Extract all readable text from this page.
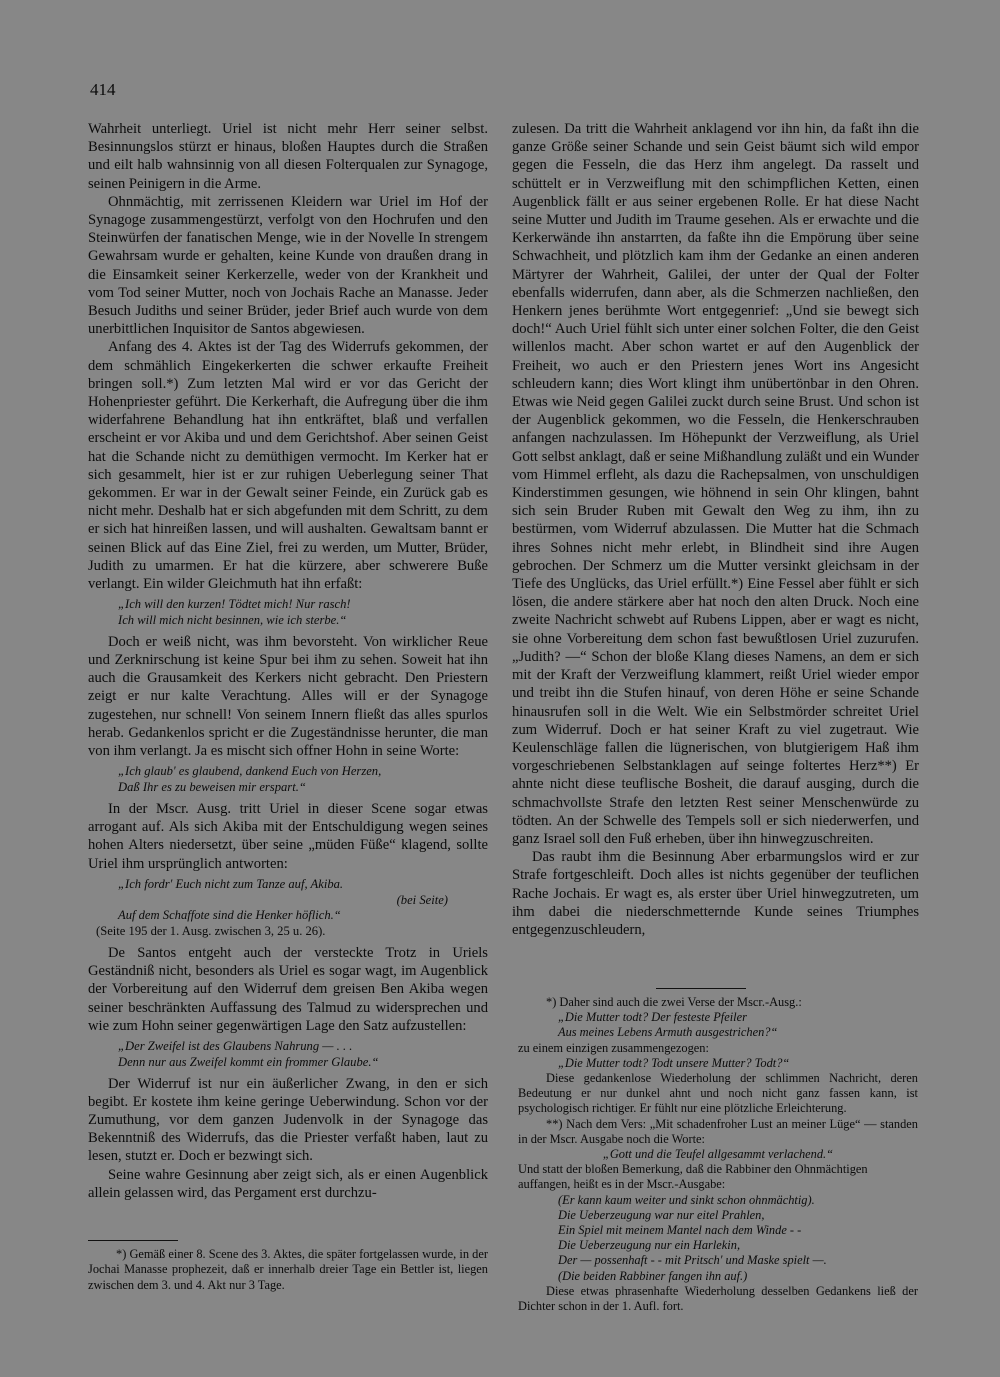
414

Wahrheit unterliegt. Uriel ist nicht mehr Herr seiner selbst. Besinnungslos stürzt er hinaus, bloßen Hauptes durch die Straßen und eilt halb wahnsinnig von all diesen Folterqualen zur Synagoge, seinen Peinigern in die Arme.

Ohnmächtig, mit zerrissenen Kleidern war Uriel im Hof der Synagoge zusammengestürzt, verfolgt von den Hochrufen und den Steinwürfen der fanatischen Menge, wie in der Novelle In strengem Gewahrsam wurde er gehalten, keine Kunde von draußen drang in die Einsamkeit seiner Kerkerzelle, weder von der Krankheit und vom Tod seiner Mutter, noch von Jochais Rache an Manasse. Jeder Besuch Judiths und seiner Brüder, jeder Brief auch wurde von dem unerbittlichen Inquisitor de Santos abgewiesen.

Anfang des 4. Aktes ist der Tag des Widerrufs gekommen, der dem schmählich Eingekerkerten die schwer erkaufte Freiheit bringen soll.*) Zum letzten Mal wird er vor das Gericht der Hohenpriester geführt. Die Kerkerhaft, die Aufregung über die ihm widerfahrene Behandlung hat ihn entkräftet, blaß und verfallen erscheint er vor Akiba und und dem Gerichtshof. Aber seinen Geist hat die Schande nicht zu demüthigen vermocht. Im Kerker hat er sich gesammelt, hier ist er zur ruhigen Ueberlegung seiner That gekommen. Er war in der Gewalt seiner Feinde, ein Zurück gab es nicht mehr. Deshalb hat er sich abgefunden mit dem Schritt, zu dem er sich hat hinreißen lassen, und will aushalten. Gewaltsam bannt er seinen Blick auf das Eine Ziel, frei zu werden, um Mutter, Brüder, Judith zu umarmen. Er hat die kürzere, aber schwerere Buße verlangt. Ein wilder Gleichmuth hat ihn erfaßt:

„Ich will den kurzen! Tödtet mich! Nur rasch!
Ich will mich nicht besinnen, wie ich sterbe.“

Doch er weiß nicht, was ihm bevorsteht. Von wirklicher Reue und Zerknirschung ist keine Spur bei ihm zu sehen. Soweit hat ihn auch die Grausamkeit des Kerkers nicht gebracht. Den Priestern zeigt er nur kalte Verachtung. Alles will er der Synagoge zugestehen, nur schnell! Von seinem Innern fließt das alles spurlos herab. Gedankenlos spricht er die Zugeständnisse herunter, die man von ihm verlangt. Ja es mischt sich offner Hohn in seine Worte:

„Ich glaub' es glaubend, dankend Euch von Herzen,
Daß Ihr es zu beweisen mir erspart.“

In der Mscr. Ausg. tritt Uriel in dieser Scene sogar etwas arrogant auf. Als sich Akiba mit der Entschuldigung wegen seines hohen Alters niedersetzt, über seine „müden Füße“ klagend, sollte Uriel ihm ursprünglich antworten:

„Ich fordr' Euch nicht zum Tanze auf, Akiba.
(bei Seite)
Auf dem Schaffote sind die Henker höflich.“
(Seite 195 der 1. Ausg. zwischen 3, 25 u. 26).

De Santos entgeht auch der versteckte Trotz in Uriels Geständniß nicht, besonders als Uriel es sogar wagt, im Augenblick der Vorbereitung auf den Widerruf dem greisen Ben Akiba wegen seiner beschränkten Auffassung des Talmud zu widersprechen und wie zum Hohn seiner gegenwärtigen Lage den Satz aufzustellen:

„Der Zweifel ist des Glaubens Nahrung — . . .
Denn nur aus Zweifel kommt ein frommer Glaube.“

Der Widerruf ist nur ein äußerlicher Zwang, in den er sich begibt. Er kostete ihm keine geringe Ueberwindung. Schon vor der Zumuthung, vor dem ganzen Judenvolk in der Synagoge das Bekenntniß des Widerrufs, das die Priester verfaßt haben, laut zu lesen, stutzt er. Doch er bezwingt sich.

Seine wahre Gesinnung aber zeigt sich, als er einen Augenblick allein gelassen wird, das Pergament erst durchzu-

*) Gemäß einer 8. Scene des 3. Aktes, die später fortgelassen wurde, in der Jochai Manasse prophezeit, daß er innerhalb dreier Tage ein Bettler ist, liegen zwischen dem 3. und 4. Akt nur 3 Tage.

zulesen. Da tritt die Wahrheit anklagend vor ihn hin, da faßt ihn die ganze Größe seiner Schande und sein Geist bäumt sich wild empor gegen die Fesseln, die das Herz ihm angelegt. Da rasselt und schüttelt er in Verzweiflung mit den schimpflichen Ketten, einen Augenblick fällt er aus seiner ergebenen Rolle. Er hat diese Nacht seine Mutter und Judith im Traume gesehen. Als er erwachte und die Kerkerwände ihn anstarrten, da faßte ihn die Empörung über seine Schwachheit, und plötzlich kam ihm der Gedanke an einen anderen Märtyrer der Wahrheit, Galilei, der unter der Qual der Folter ebenfalls widerrufen, dann aber, als die Schmerzen nachließen, den Henkern jenes berühmte Wort entgegenrief: „Und sie bewegt sich doch!“ Auch Uriel fühlt sich unter einer solchen Folter, die den Geist willenlos macht. Aber schon wartet er auf den Augenblick der Freiheit, wo auch er den Priestern jenes Wort ins Angesicht schleudern kann; dies Wort klingt ihm unübertönbar in den Ohren. Etwas wie Neid gegen Galilei zuckt durch seine Brust. Und schon ist der Augenblick gekommen, wo die Fesseln, die Henkerschrauben anfangen nachzulassen. Im Höhepunkt der Verzweiflung, als Uriel Gott selbst anklagt, daß er seine Mißhandlung zuläßt und ein Wunder vom Himmel erfleht, als dazu die Rachepsalmen, von unschuldigen Kinderstimmen gesungen, wie höhnend in sein Ohr klingen, bahnt sich sein Bruder Ruben mit Gewalt den Weg zu ihm, ihn zu bestürmen, vom Widerruf abzulassen. Die Mutter hat die Schmach ihres Sohnes nicht mehr erlebt, in Blindheit sind ihre Augen gebrochen. Der Schmerz um die Mutter versinkt gleichsam in der Tiefe des Unglücks, das Uriel erfüllt.*) Eine Fessel aber fühlt er sich lösen, die andere stärkere aber hat noch den alten Druck. Noch eine zweite Nachricht schwebt auf Rubens Lippen, aber er wagt es nicht, sie ohne Vorbereitung dem schon fast bewußtlosen Uriel zuzurufen. „Judith? —“ Schon der bloße Klang dieses Namens, an dem er sich mit der Kraft der Verzweiflung klammert, reißt Uriel wieder empor und treibt ihn die Stufen hinauf, von deren Höhe er seine Schande hinausrufen soll in die Welt. Wie ein Selbstmörder schreitet Uriel zum Widerruf. Doch er hat seiner Kraft zu viel zugetraut. Wie Keulenschläge fallen die lügnerischen, von blutgierigem Haß ihm vorgeschriebenen Selbstanklagen auf seinge foltertes Herz**) Er ahnte nicht diese teuflische Bosheit, die darauf ausging, durch die schmachvollste Strafe den letzten Rest seiner Menschenwürde zu tödten. An der Schwelle des Tempels soll er sich niederwerfen, und ganz Israel soll den Fuß erheben, über ihn hinwegzuschreiten.

Das raubt ihm die Besinnung Aber erbarmungslos wird er zur Strafe fortgeschleift. Doch alles ist nichts gegenüber der teuflichen Rache Jochais. Er wagt es, als erster über Uriel hinwegzutreten, um ihm dabei die niederschmetternde Kunde seines Triumphes entgegenzuschleudern,

*) Daher sind auch die zwei Verse der Mscr.-Ausg.:

„Die Mutter todt? Der festeste Pfeiler

Aus meines Lebens Armuth ausgestrichen?“

zu einem einzigen zusammengezogen:

„Die Mutter todt? Todt unsere Mutter? Todt?“

Diese gedankenlose Wiederholung der schlimmen Nachricht, deren Bedeutung er nur dunkel ahnt und noch nicht ganz fassen kann, ist psychologisch richtiger. Er fühlt nur eine plötzliche Erleichterung.

**) Nach dem Vers: „Mit schadenfroher Lust an meiner Lüge“ — standen in der Mscr. Ausgabe noch die Worte:

„Gott und die Teufel allgesammt verlachend.“

Und statt der bloßen Bemerkung, daß die Rabbiner den Ohnmächtigen auffangen, heißt es in der Mscr.-Ausgabe:

(Er kann kaum weiter und sinkt schon ohnmächtig).

Die Ueberzeugung war nur eitel Prahlen,

Ein Spiel mit meinem Mantel nach dem Winde - -

Die Ueberzeugung nur ein Harlekin,

Der — possenhaft - - mit Pritsch' und Maske spielt —.

(Die beiden Rabbiner fangen ihn auf.)

Diese etwas phrasenhafte Wiederholung desselben Gedankens ließ der Dichter schon in der 1. Aufl. fort.
